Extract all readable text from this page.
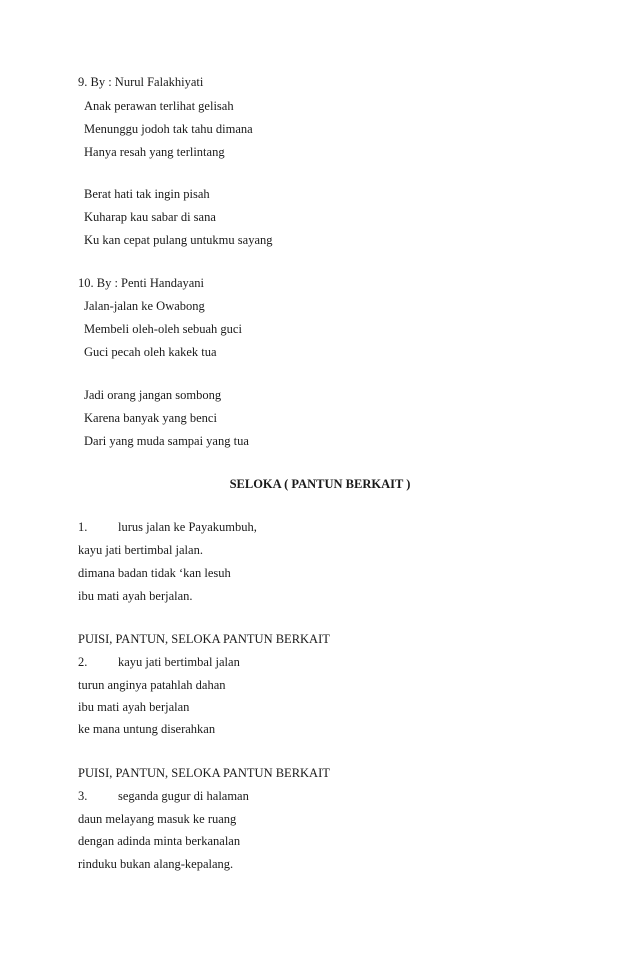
9. By : Nurul Falakhiyati
Anak perawan terlihat gelisah
Menunggu jodoh tak tahu dimana
Hanya resah yang terlintang
Berat hati tak ingin pisah
Kuharap kau sabar di sana
Ku kan cepat pulang untukmu sayang
10. By : Penti Handayani
Jalan-jalan ke Owabong
Membeli oleh-oleh sebuah guci
Guci pecah oleh kakek tua
Jadi orang jangan sombong
Karena banyak yang benci
Dari yang muda sampai yang tua
SELOKA ( PANTUN BERKAIT )
1. lurus jalan ke Payakumbuh,
kayu jati bertimbal jalan.
dimana badan tidak ‘kan lesuh
ibu mati ayah berjalan.
PUISI, PANTUN, SELOKA PANTUN BERKAIT
2. kayu jati bertimbal jalan
turun anginya patahlah dahan
ibu mati ayah berjalan
ke mana untung diserahkan
PUISI, PANTUN, SELOKA PANTUN BERKAIT
3. seganda gugur di halaman
daun melayang masuk ke ruang
dengan adinda minta berkanalan
rinduku bukan alang-kepalang.
